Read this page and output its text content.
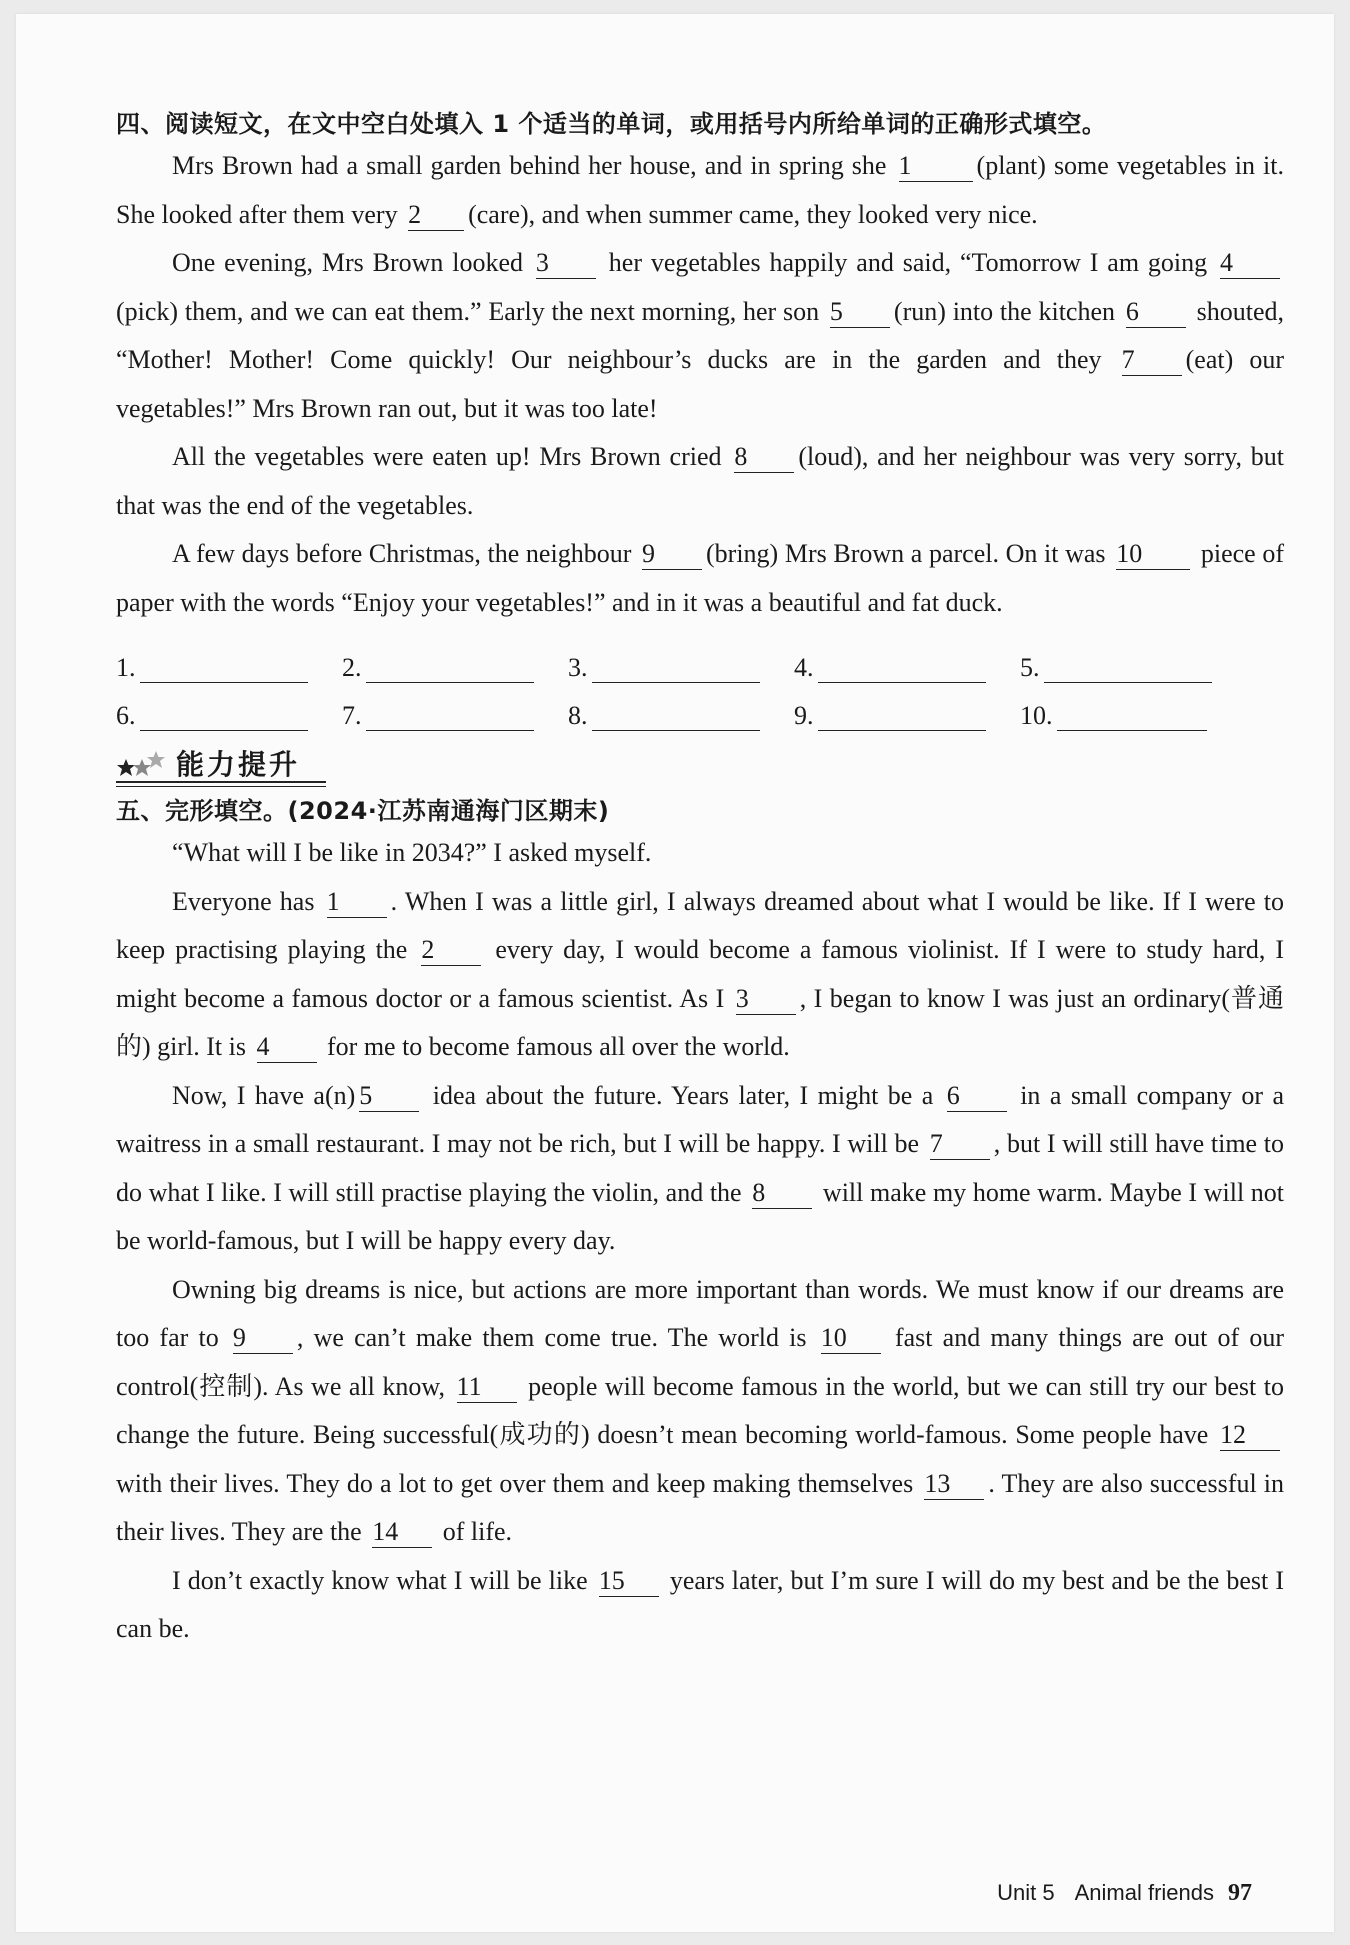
四、阅读短文，在文中空白处填入 1 个适当的单词，或用括号内所给单词的正确形式填空。

Mrs Brown had a small garden behind her house, and in spring she 1	(plant) some vegetables in it. She looked after them very 2 (care), and when summer came, they looked very nice.

One evening, Mrs Brown looked 3 her vegetables happily and said, “Tomorrow I am going 4(pick) them, and we can eat them.” Early the next morning, her son 5 (run) into the kitchen 6 shouted, “Mother! Mother! Come quickly! Our neighbour’s ducks are in the garden and they 7 (eat) our vegetables!” Mrs Brown ran out, but it was too late!

All the vegetables were eaten up! Mrs Brown cried 8 (loud), and her neighbour was very sorry, but that was the end of the vegetables.

A few days before Christmas, the neighbour 9 (bring) Mrs Brown a parcel. On it was 10 piece of paper with the words “Enjoy your vegetables!” and in it was a beautiful and fat duck.

1.	2.	3.	4.	5.
6.	7.	8.	9.	10.
能力提升

五、完形填空。(2024·江苏南通海门区期末)

“What will I be like in 2034?” I asked myself.

Everyone has 1 . When I was a little girl, I always dreamed about what I would be like. If I were to keep practising playing the 2 every day, I would become a famous violinist. If I were to study hard, I might become a famous doctor or a famous scientist. As I 3 , I began to know I was just an ordinary(普通的) girl. It is 4 for me to become famous all over the world.

Now, I have a(n) 5 idea about the future. Years later, I might be a 6 in a small company or a waitress in a small restaurant. I may not be rich, but I will be happy. I will be 7 , but I will still have time to do what I like. I will still practise playing the violin, and the 8 will make my home warm. Maybe I will not be world-famous, but I will be happy every day.

Owning big dreams is nice, but actions are more important than words. We must know if our dreams are too far to 9 , we can’t make them come true. The world is 10 fast and many things are out of our control(控制). As we all know, 11 people will become famous in the world, but we can still try our best to change the future. Being successful(成功的) doesn’t mean becoming world-famous. Some people have 12 with their lives. They do a lot to get over them and keep making themselves 13 . They are also successful in their lives. They are the 14 of life.

I don’t exactly know what I will be like 15 years later, but I’m sure I will do my best and be the best I can be.

Unit 5 Animal friends 97
